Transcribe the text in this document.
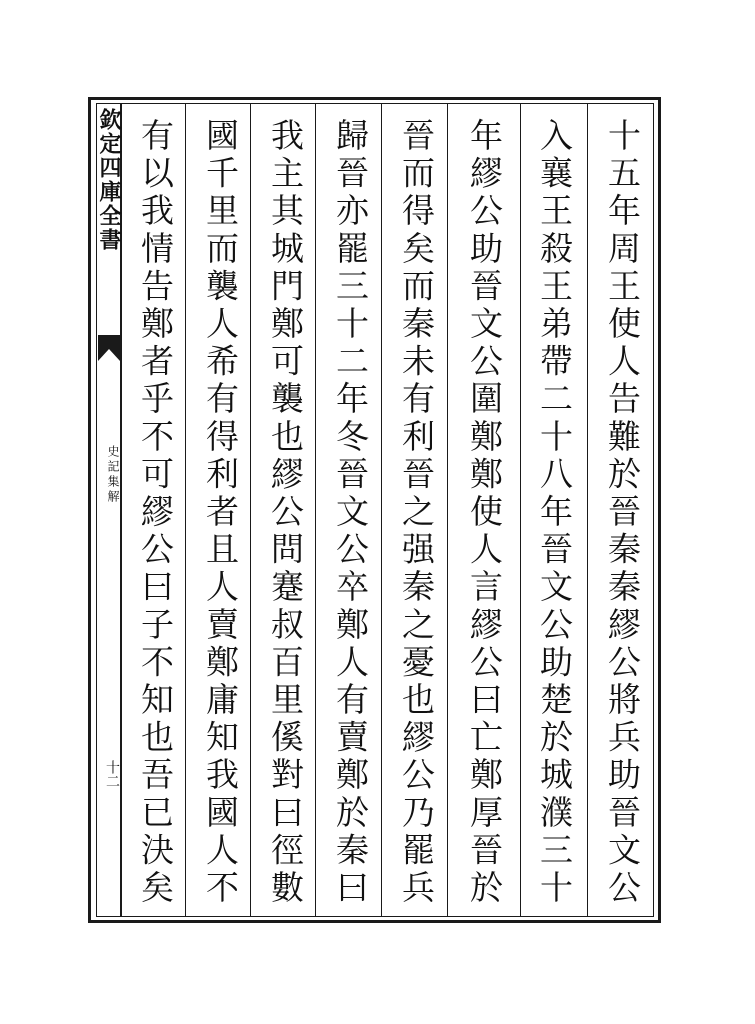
欽定四庫全書
史記集解
十二	十五年周王使人告難於晉秦秦繆公將兵助晉文公
入襄王殺王弟帶二十八年晉文公助楚於城濮三十
年繆公助晉文公圍鄭鄭使人言繆公曰亡鄭厚晉於
晉而得矣而秦未有利晉之强秦之憂也繆公乃罷兵
歸晉亦罷三十二年冬晉文公卒鄭人有賣鄭於秦曰
我主其城門鄭可襲也繆公問蹇叔百里傒對曰徑數
國千里而襲人希有得利者且人賣鄭庸知我國人不
有以我情告鄭者乎不可繆公曰子不知也吾已決矣
